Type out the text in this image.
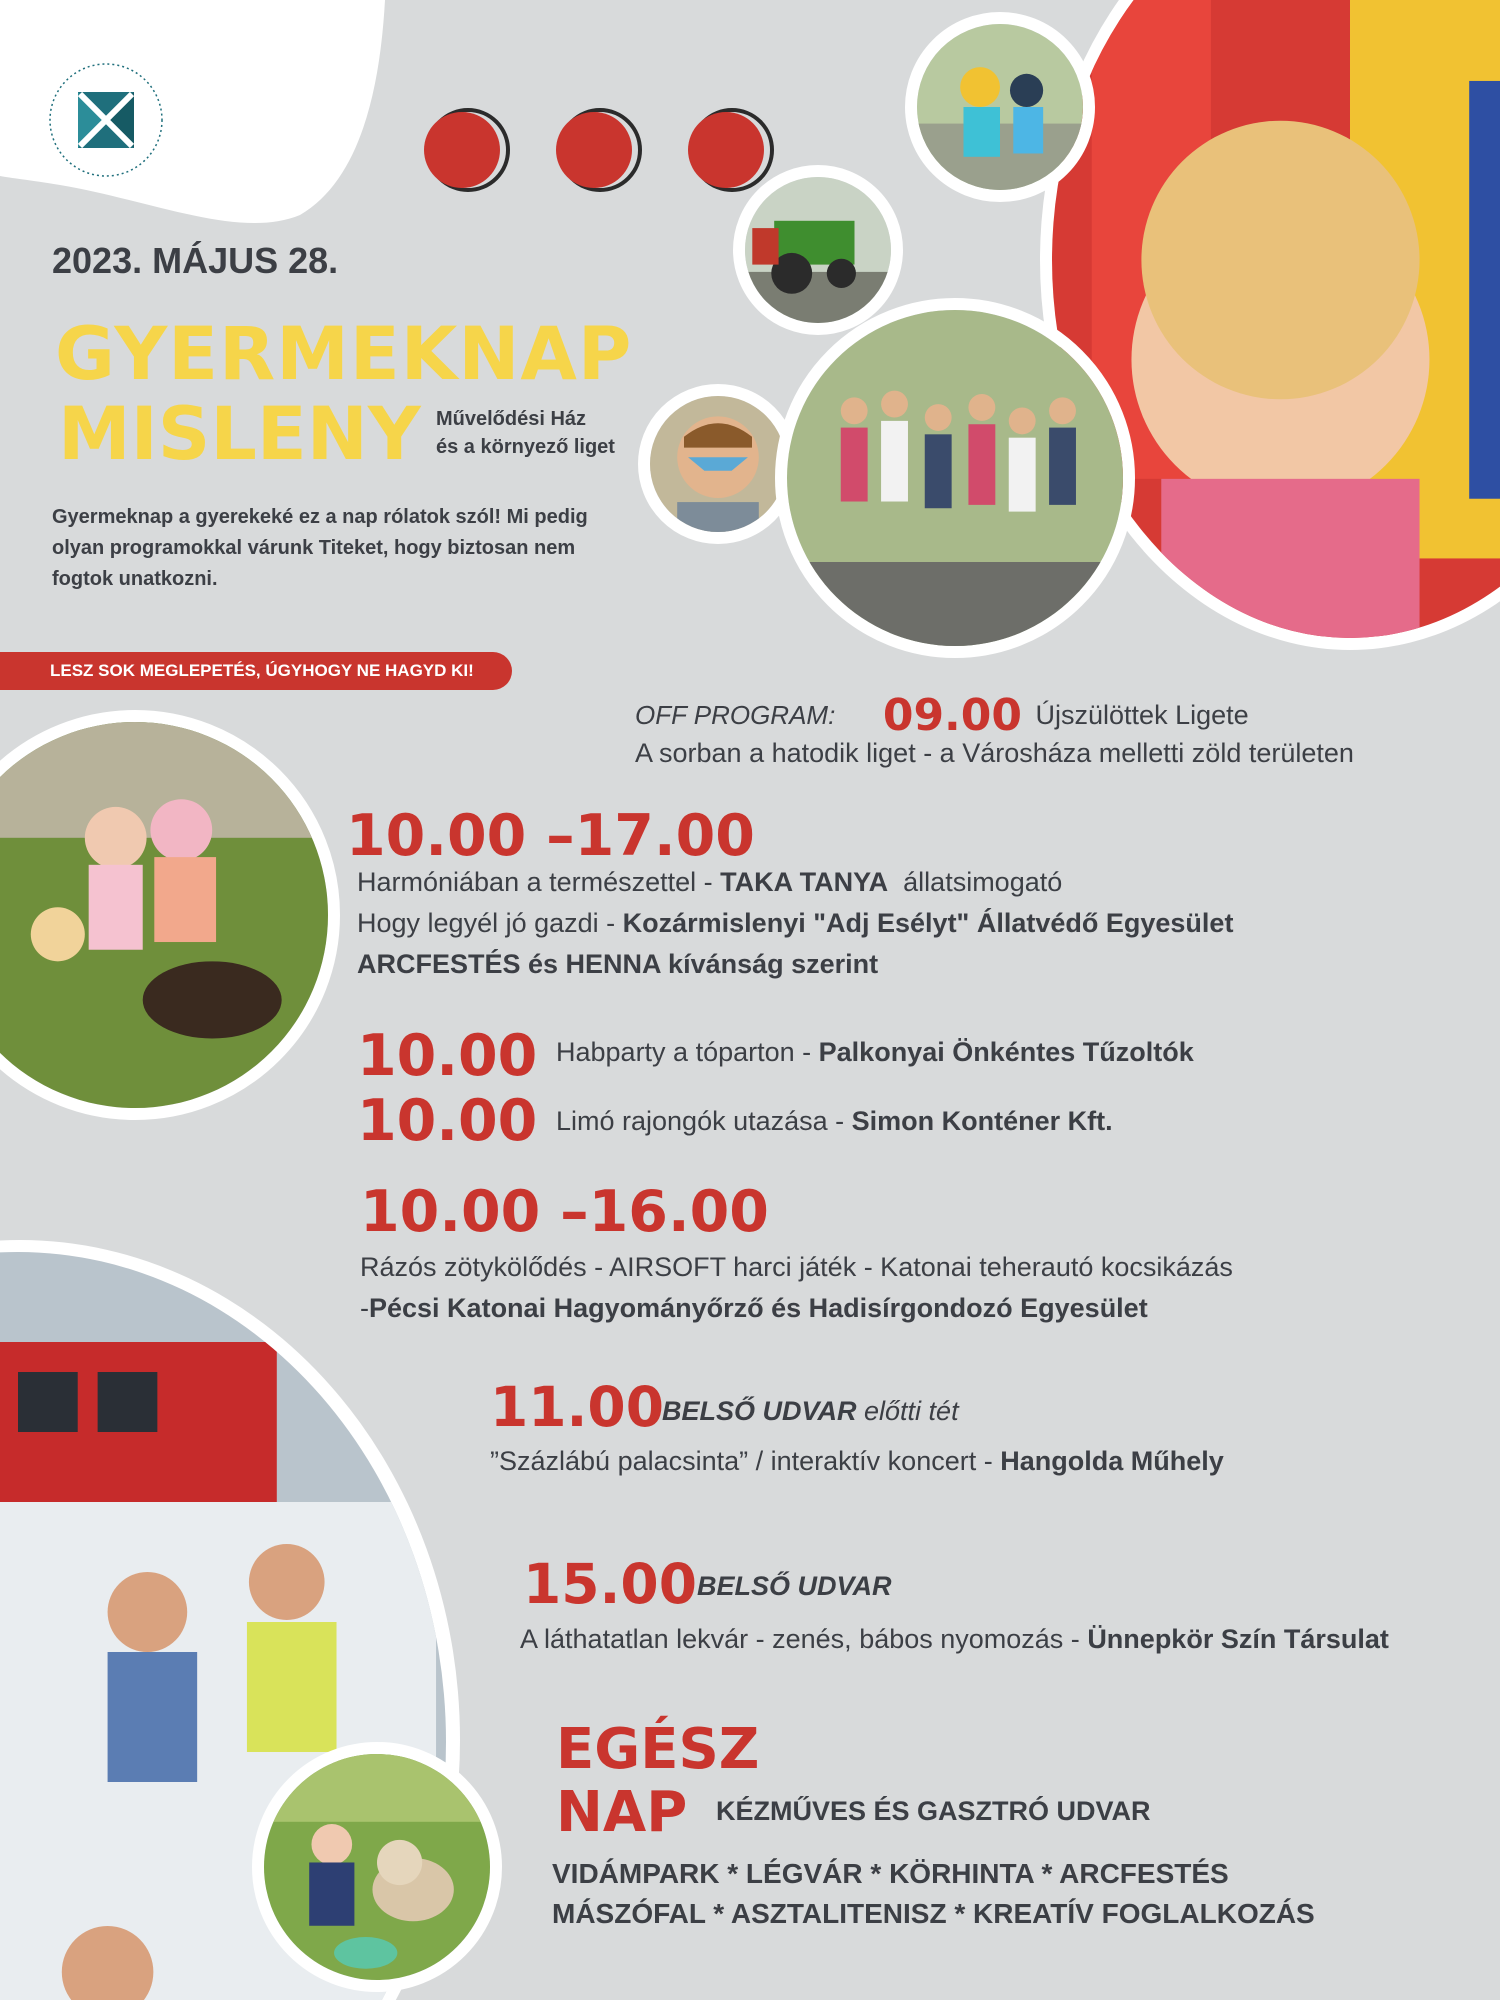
2023. MÁJUS 28.
GYERMEKNAP
MISLENY Művelődési Ház
és a környező liget
Gyermeknap a gyerekeké ez a nap rólatok szól! Mi pedig olyan programokkal várunk Titeket, hogy biztosan nem fogtok unatkozni.
LESZ SOK MEGLEPETÉS, ÚGYHOGY NE HAGYD KI!
OFF PROGRAM: 09.00 Újszülöttek Ligete
A sorban a hatodik liget - a Városháza melletti zöld területen
10.00 –17.00
Harmóniában a természettel - TAKA TANYA  állatsimogató
Hogy legyél jó gazdi - Kozármislenyi "Adj Esélyt" Állatvédő Egyesület
ARCFESTÉS és HENNA kívánság szerint
10.00 Habparty a tóparton - Palkonyai Önkéntes Tűzoltók
10.00 Limó rajongók utazása - Simon Konténer Kft.
10.00 –16.00
Rázós zötykölődés - AIRSOFT harci játék - Katonai teherautó kocsikázás
-Pécsi Katonai Hagyományőrző és Hadisírgondozó Egyesület
11.00
BELSŐ UDVAR előtti tét
”Százlábú palacsinta” / interaktív koncert - Hangolda Műhely
15.00 BELSŐ UDVAR
A láthatatlan lekvár - zenés, bábos nyomozás - Ünnepkör Szín Társulat
EGÉSZ
NAP KÉZMŰVES ÉS GASZTRÓ UDVAR
VIDÁMPARK * LÉGVÁR * KÖRHINTA * ARCFESTÉS
MÁSZÓFAL * ASZTALITENISZ * KREATÍV FOGLALKOZÁS
